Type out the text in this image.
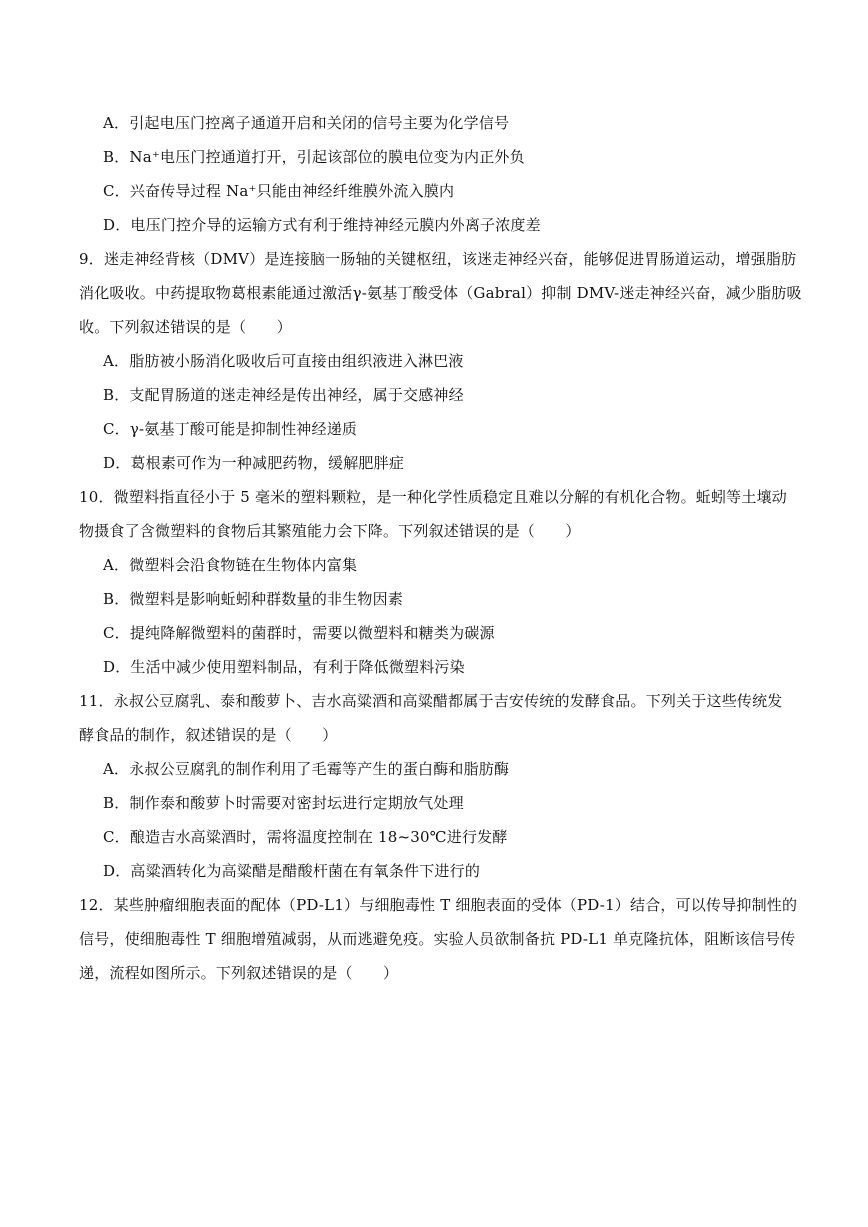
A．引起电压门控离子通道开启和关闭的信号主要为化学信号
B．Na⁺电压门控通道打开，引起该部位的膜电位变为内正外负
C．兴奋传导过程 Na⁺只能由神经纤维膜外流入膜内
D．电压门控介导的运输方式有利于维持神经元膜内外离子浓度差
9．迷走神经背核（DMV）是连接脑一肠轴的关键枢纽，该迷走神经兴奋，能够促进胃肠道运动，增强脂肪
消化吸收。中药提取物葛根素能通过激活γ-氨基丁酸受体（Gabral）抑制 DMV-迷走神经兴奋，减少脂肪吸
收。下列叙述错误的是（　　）
A．脂肪被小肠消化吸收后可直接由组织液进入淋巴液
B．支配胃肠道的迷走神经是传出神经，属于交感神经
C．γ-氨基丁酸可能是抑制性神经递质
D．葛根素可作为一种减肥药物，缓解肥胖症
10．微塑料指直径小于 5 毫米的塑料颗粒，是一种化学性质稳定且难以分解的有机化合物。蚯蚓等土壤动
物摄食了含微塑料的食物后其繁殖能力会下降。下列叙述错误的是（　　）
A．微塑料会沿食物链在生物体内富集
B．微塑料是影响蚯蚓种群数量的非生物因素
C．提纯降解微塑料的菌群时，需要以微塑料和糖类为碳源
D．生活中减少使用塑料制品，有利于降低微塑料污染
11．永叔公豆腐乳、泰和酸萝卜、吉水高粱酒和高粱醋都属于吉安传统的发酵食品。下列关于这些传统发
酵食品的制作，叙述错误的是（　　）
A．永叔公豆腐乳的制作利用了毛霉等产生的蛋白酶和脂肪酶
B．制作泰和酸萝卜时需要对密封坛进行定期放气处理
C．酿造吉水高粱酒时，需将温度控制在 18~30℃进行发酵
D．高粱酒转化为高粱醋是醋酸杆菌在有氧条件下进行的
12．某些肿瘤细胞表面的配体（PD-L1）与细胞毒性 T 细胞表面的受体（PD-1）结合，可以传导抑制性的
信号，使细胞毒性 T 细胞增殖减弱，从而逃避免疫。实验人员欲制备抗 PD-L1 单克隆抗体，阻断该信号传
递，流程如图所示。下列叙述错误的是（　　）
